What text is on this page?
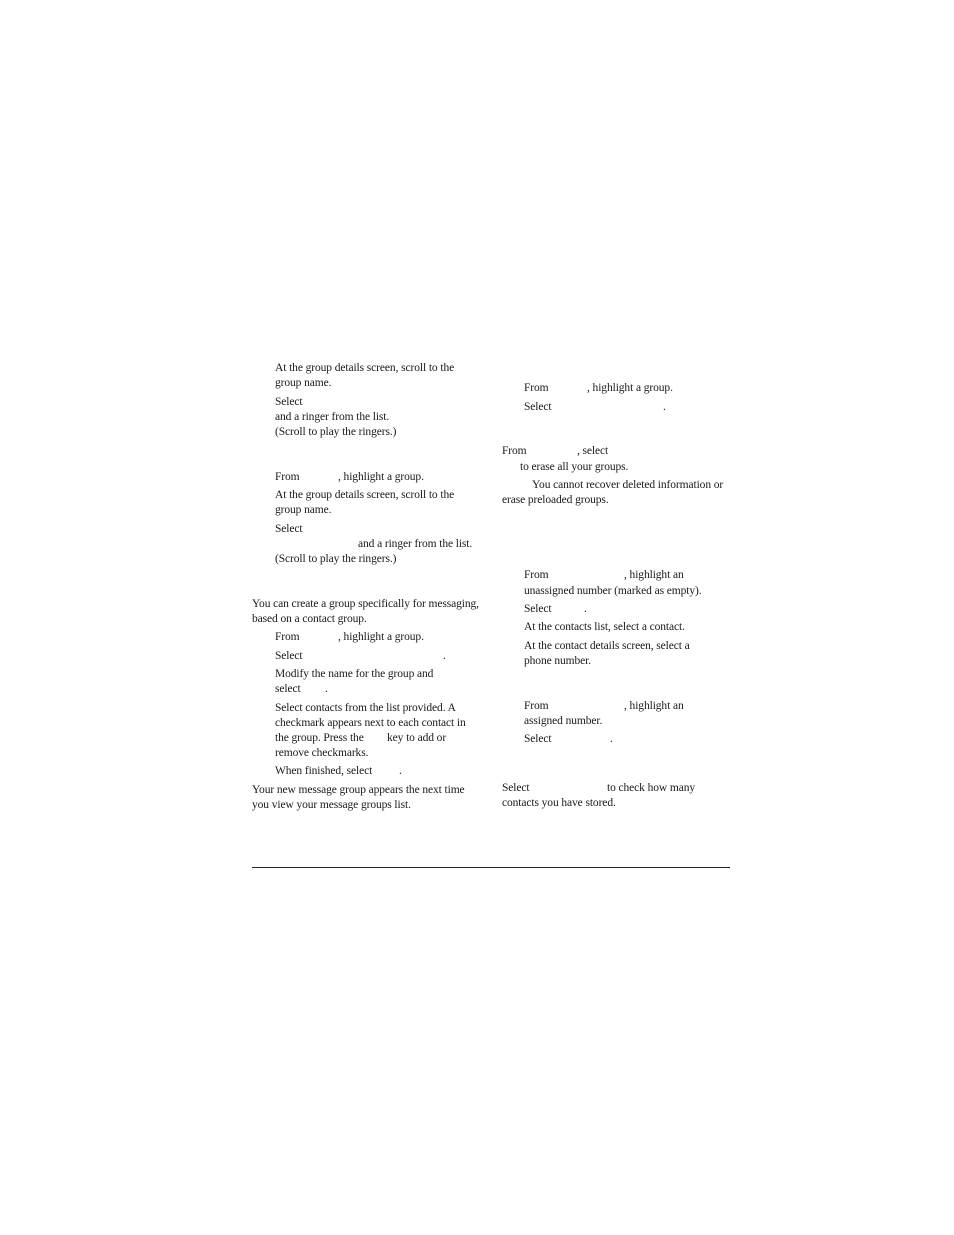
At the group details screen, scroll to the
group name.
Select
and a ringer from the list.
(Scroll to play the ringers.)
From	, highlight a group.
At the group details screen, scroll to the
group name.
Select
and a ringer from the list.
(Scroll to play the ringers.)
You can create a group specifically for messaging,
based on a contact group.
From	, highlight a group.
Select	.
Modify the name for the group and
select .
Select contacts from the list provided. A
checkmark appears next to each contact in
the group. Press the key to add or
remove checkmarks.
When finished, select .
Your new message group appears the next time
you view your message groups list.
From	, highlight a group.
Select	.
From	, select
to erase all your groups.
You cannot recover deleted information or
erase preloaded groups.
From	, highlight an
unassigned number (marked as empty).
Select	.
At the contacts list, select a contact.
At the contact details screen, select a
phone number.
From	, highlight an
assigned number.
Select	.
Select	to check how many
contacts you have stored.
